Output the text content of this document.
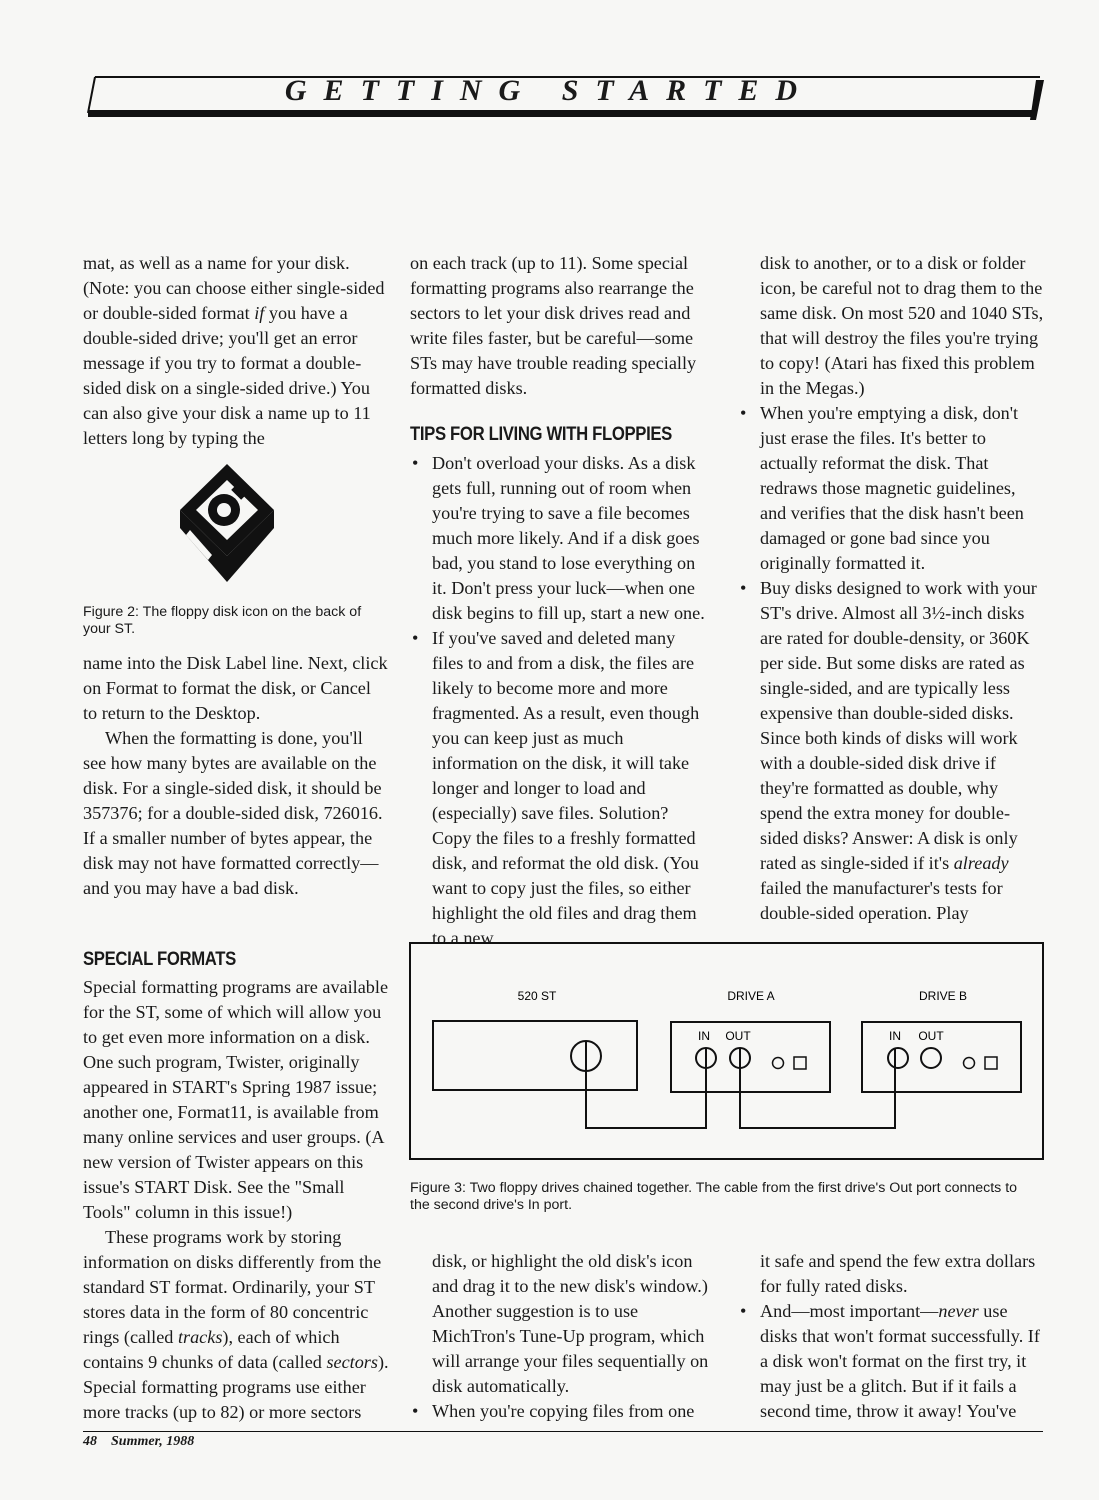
GETTING STARTED

mat, as well as a name for your disk. (Note: you can choose either single-sided or double-sided format if you have a double-sided drive; you'll get an error message if you try to format a double-sided disk on a single-sided drive.) You can also give your disk a name up to 11 letters long by typing the

Figure 2: The floppy disk icon on the back of your ST.

name into the Disk Label line. Next, click on Format to format the disk, or Cancel to return to the Desktop.

When the formatting is done, you'll see how many bytes are available on the disk. For a single-sided disk, it should be 357376; for a double-sided disk, 726016. If a smaller number of bytes appear, the disk may not have formatted correctly—and you may have a bad disk.

SPECIAL FORMATS

Special formatting programs are available for the ST, some of which will allow you to get even more information on a disk. One such program, Twister, originally appeared in START's Spring 1987 issue; another one, Format11, is available from many online services and user groups. (A new version of Twister appears on this issue's START Disk. See the "Small Tools" column in this issue!)

These programs work by storing information on disks differently from the standard ST format. Ordinarily, your ST stores data in the form of 80 concentric rings (called tracks), each of which contains 9 chunks of data (called sectors). Special formatting programs use either more tracks (up to 82) or more sectors

on each track (up to 11). Some special formatting programs also rearrange the sectors to let your disk drives read and write files faster, but be careful—some STs may have trouble reading specially formatted disks.

TIPS FOR LIVING WITH FLOPPIES
• Don't overload your disks. As a disk gets full, running out of room when you're trying to save a file becomes much more likely. And if a disk goes bad, you stand to lose everything on it. Don't press your luck—when one disk begins to fill up, start a new one.
• If you've saved and deleted many files to and from a disk, the files are likely to become more and more fragmented. As a result, even though you can keep just as much information on the disk, it will take longer and longer to load and (especially) save files. Solution? Copy the files to a freshly formatted disk, and reformat the old disk. (You want to copy just the files, so either highlight the old files and drag them to a new

disk to another, or to a disk or folder icon, be careful not to drag them to the same disk. On most 520 and 1040 STs, that will destroy the files you're trying to copy! (Atari has fixed this problem in the Megas.)

• When you're emptying a disk, don't just erase the files. It's better to actually reformat the disk. That redraws those magnetic guidelines, and verifies that the disk hasn't been damaged or gone bad since you originally formatted it.
• Buy disks designed to work with your ST's drive. Almost all 3½-inch disks are rated for double-density, or 360K per side. But some disks are rated as single-sided, and are typically less expensive than double-sided disks. Since both kinds of disks will work with a double-sided disk drive if they're formatted as double, why spend the extra money for double-sided disks? Answer: A disk is only rated as single-sided if it's already failed the manufacturer's tests for double-sided operation. Play
520 ST	DRIVE A	DRIVE B
IN OUT	IN OUT
Figure 3: Two floppy drives chained together. The cable from the first drive's Out port connects to the second drive's In port.

disk, or highlight the old disk's icon and drag it to the new disk's window.) Another suggestion is to use MichTron's Tune-Up program, which will arrange your files sequentially on disk automatically.

• When you're copying files from one

it safe and spend the few extra dollars for fully rated disks.

• And—most important—never use disks that won't format successfully. If a disk won't format on the first try, it may just be a glitch. But if it fails a second time, throw it away! You've
48 Summer, 1988
